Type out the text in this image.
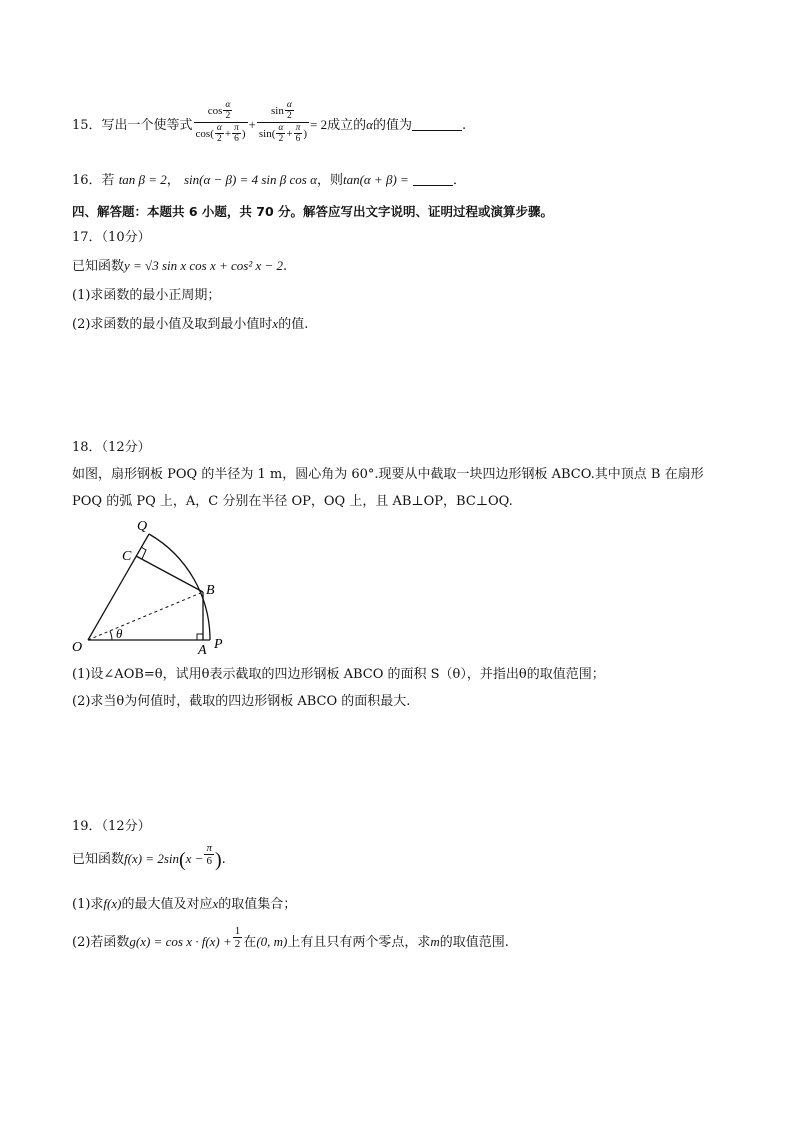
15．写出一个使等式 $\frac{\cos \frac{\alpha}{2}}{\cos( \frac{\alpha}{2} + \frac{\pi}{6} )} + \frac{\sin \frac{\alpha}{2}}{\sin( \frac{\alpha}{2} + \frac{\pi}{6} )} = 2$成立的α的值为	.
16．若 tan β = 2， sin(α − β) = 4 sin β cos α，则tan(α + β) =	．
四、解答题：本题共 6 小题，共 70 分。解答应写出文字说明、证明过程或演算步骤。
17．（10分）
已知函数y = √3 sin x cos x + cos² x − 2.
(1)求函数的最小正周期；
(2)求函数的最小值及取到最小值时x的值.
18．（12分）
如图，扇形钢板 POQ 的半径为 1 m，圆心角为 60°.现要从中截取一块四边形钢板 ABCO.其中顶点 B 在扇形
POQ 的弧 PQ 上，A，C 分别在半径 OP，OQ 上，且 AB⊥OP，BC⊥OQ.
O	P
Q
A
B
C
θ
(1)设∠AOB=θ，试用θ表示截取的四边形钢板 ABCO 的面积 S（θ），并指出θ的取值范围；
(2)求当θ为何值时，截取的四边形钢板 ABCO 的面积最大.
19．（12分）
已知函数$f(x) = 2\sin(x - \frac{\pi}{6}$ ).
(1)求f(x)的最大值及对应x的取值集合；
(2)若函数$g(x) = \cos x \cdot f(x) + \frac{1}{2}$ 在(0, m)上有且只有两个零点，求m的取值范围.
